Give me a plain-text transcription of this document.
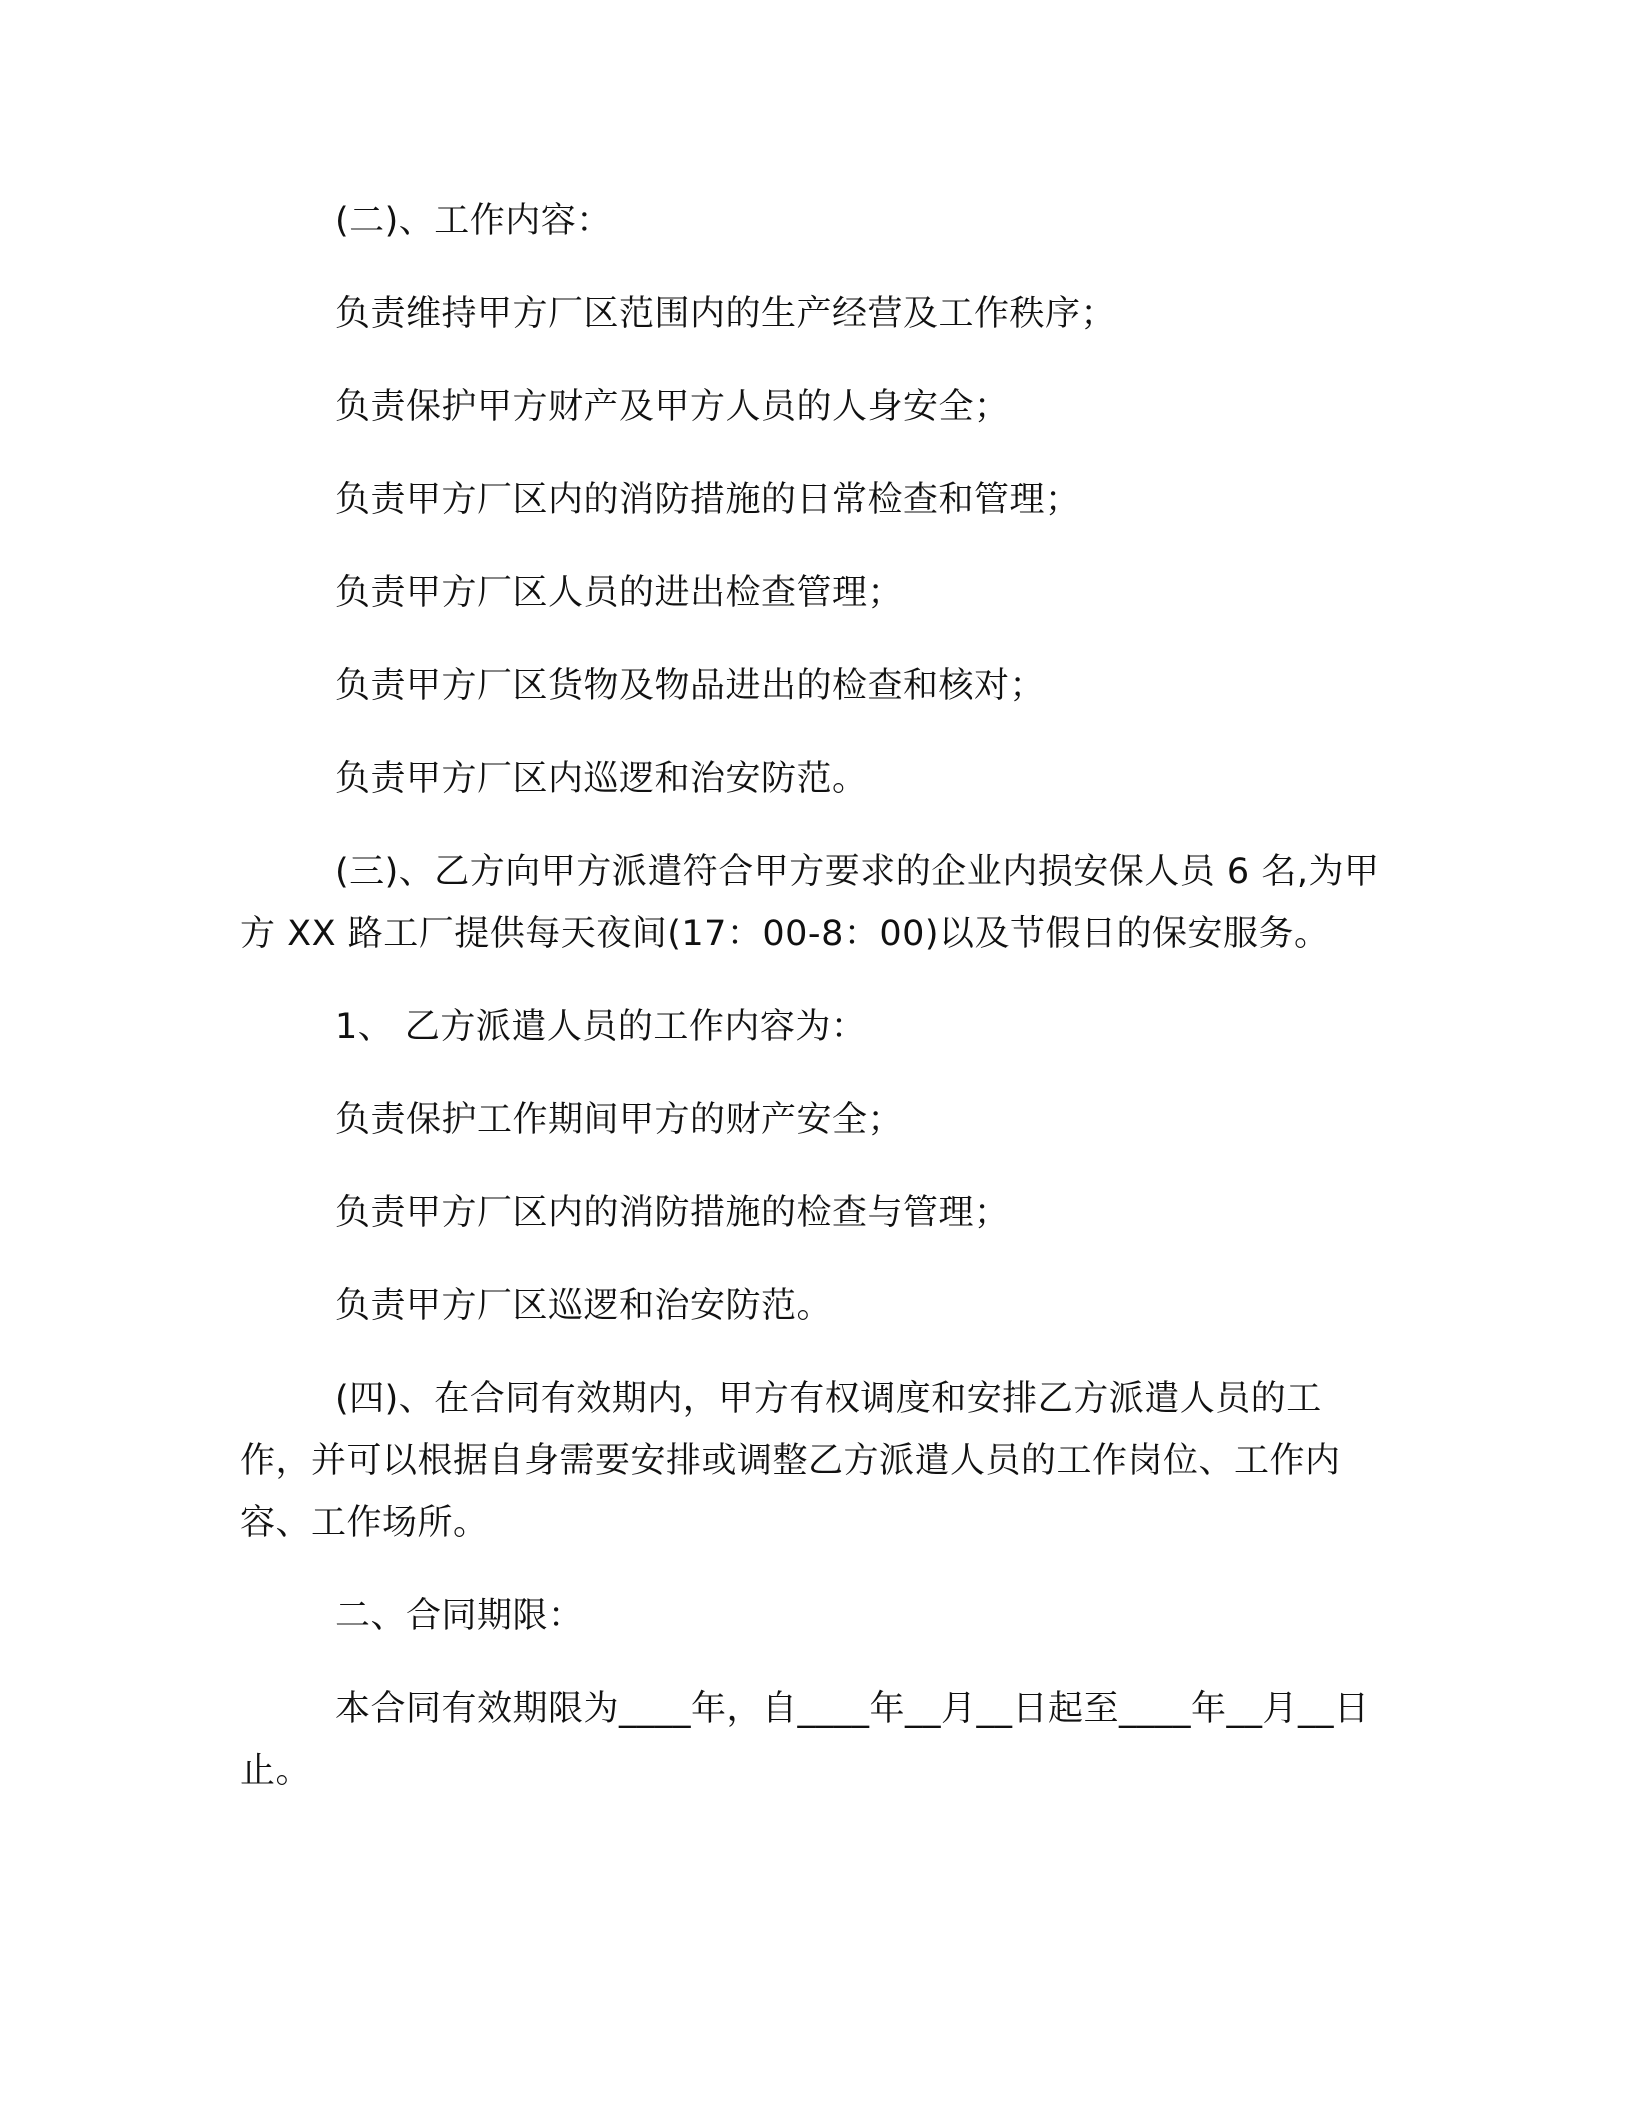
(二)、工作内容：

负责维持甲方厂区范围内的生产经营及工作秩序；

负责保护甲方财产及甲方人员的人身安全；

负责甲方厂区内的消防措施的日常检查和管理；

负责甲方厂区人员的进出检查管理；

负责甲方厂区货物及物品进出的检查和核对；

负责甲方厂区内巡逻和治安防范。

(三)、乙方向甲方派遣符合甲方要求的企业内损安保人员 6 名,为甲方 XX 路工厂提供每天夜间(17：00-8：00)以及节假日的保安服务。

1、 乙方派遣人员的工作内容为：

负责保护工作期间甲方的财产安全；

负责甲方厂区内的消防措施的检查与管理；

负责甲方厂区巡逻和治安防范。

(四)、在合同有效期内，甲方有权调度和安排乙方派遣人员的工作，并可以根据自身需要安排或调整乙方派遣人员的工作岗位、工作内容、工作场所。

二、合同期限：

本合同有效期限为____年，自____年__月__日起至____年__月__日止。
